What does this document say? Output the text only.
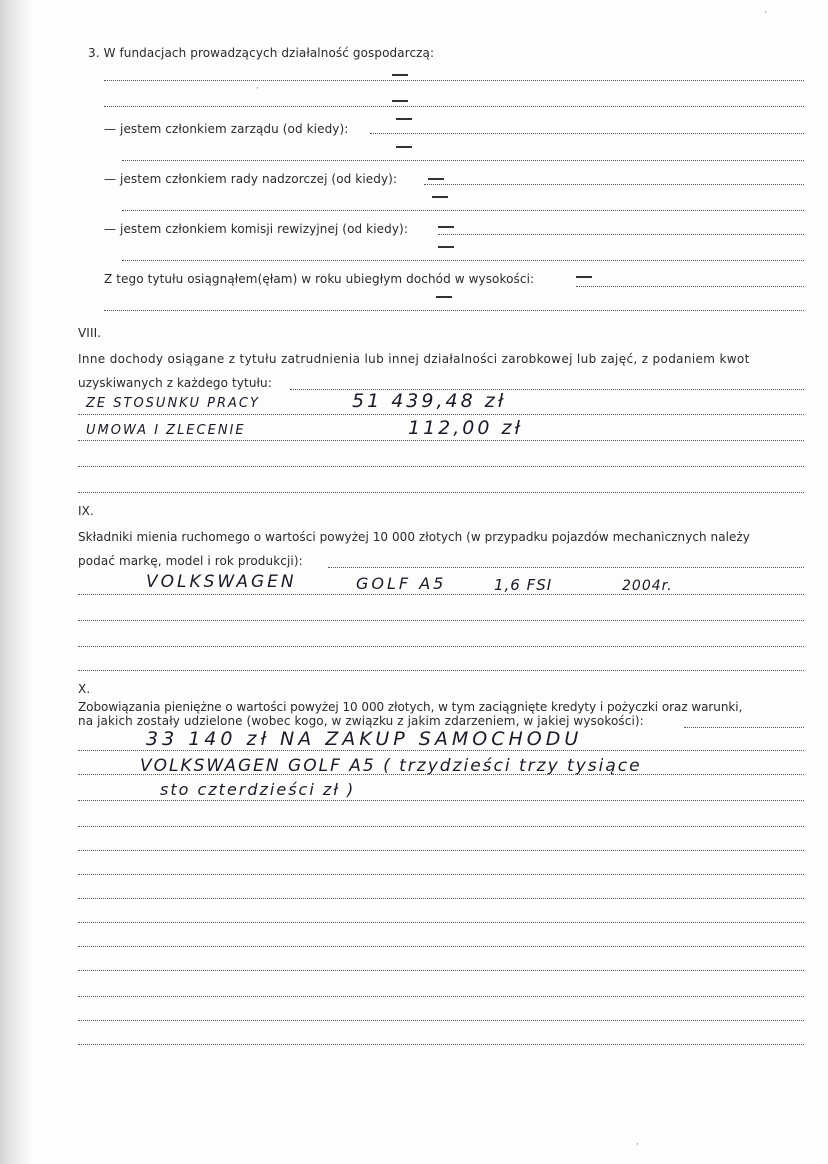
3. W fundacjach prowadzących działalność gospodarczą:
— jestem członkiem zarządu (od kiedy):
— jestem członkiem rady nadzorczej (od kiedy):
— jestem członkiem komisji rewizyjnej (od kiedy):
Z tego tytułu osiągnąłem(ęłam) w roku ubiegłym dochód w wysokości:
VIII.
Inne dochody osiągane z tytułu zatrudnienia lub innej działalności zarobkowej lub zajęć, z podaniem kwot
uzyskiwanych z każdego tytułu:
ZE STOSUNKU PRACY	51 439,48 zł
UMOWA I ZLECENIE	112,00 zł
IX.
Składniki mienia ruchomego o wartości powyżej 10 000 złotych (w przypadku pojazdów mechanicznych należy
podać markę, model i rok produkcji):
VOLKSWAGEN	GOLF A5	1,6 FSI	2004r.
X.
Zobowiązania pieniężne o wartości powyżej 10 000 złotych, w tym zaciągnięte kredyty i pożyczki oraz warunki,
na jakich zostały udzielone (wobec kogo, w związku z jakim zdarzeniem, w jakiej wysokości):
33 140 zł NA ZAKUP SAMOCHODU
VOLKSWAGEN GOLF A5 ( trzydzieści trzy tysiące
sto czterdzieści zł )
·
·
·
